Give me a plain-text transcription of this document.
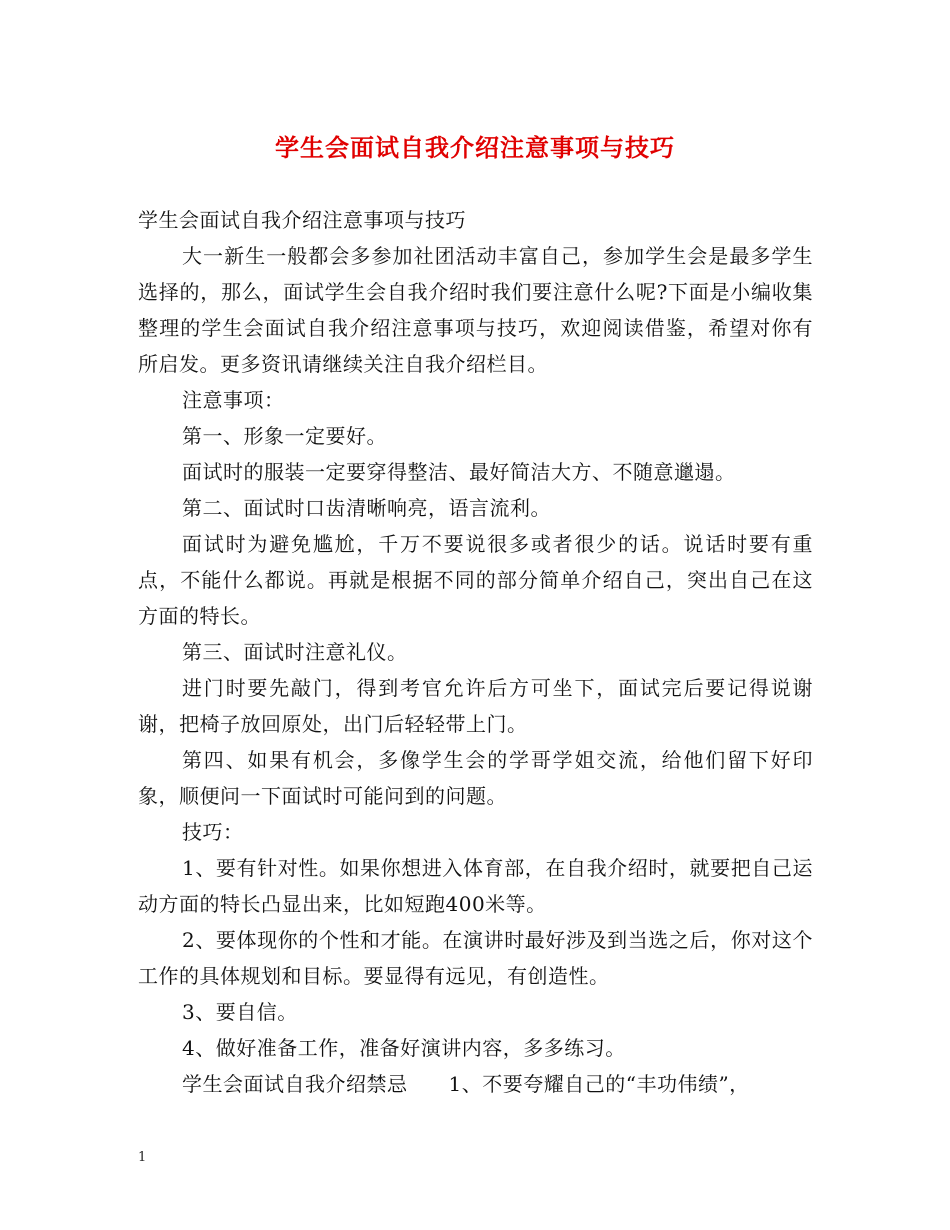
学生会面试自我介绍注意事项与技巧

学生会面试自我介绍注意事项与技巧

大一新生一般都会多参加社团活动丰富自己，参加学生会是最多学生选择的，那么，面试学生会自我介绍时我们要注意什么呢?下面是小编收集整理的学生会面试自我介绍注意事项与技巧，欢迎阅读借鉴，希望对你有所启发。更多资讯请继续关注自我介绍栏目。

注意事项：

第一、形象一定要好。

面试时的服装一定要穿得整洁、最好简洁大方、不随意邋遢。

第二、面试时口齿清晰响亮，语言流利。

面试时为避免尴尬，千万不要说很多或者很少的话。说话时要有重点，不能什么都说。再就是根据不同的部分简单介绍自己，突出自己在这方面的特长。

第三、面试时注意礼仪。

进门时要先敲门，得到考官允许后方可坐下，面试完后要记得说谢谢，把椅子放回原处，出门后轻轻带上门。

第四、如果有机会，多像学生会的学哥学姐交流，给他们留下好印象，顺便问一下面试时可能问到的问题。

技巧：

1、要有针对性。如果你想进入体育部，在自我介绍时，就要把自己运动方面的特长凸显出来，比如短跑400米等。

2、要体现你的个性和才能。在演讲时最好涉及到当选之后，你对这个工作的具体规划和目标。要显得有远见，有创造性。

3、要自信。

4、做好准备工作，准备好演讲内容，多多练习。

学生会面试自我介绍禁忌　　1、不要夸耀自己的“丰功伟绩”，

1
